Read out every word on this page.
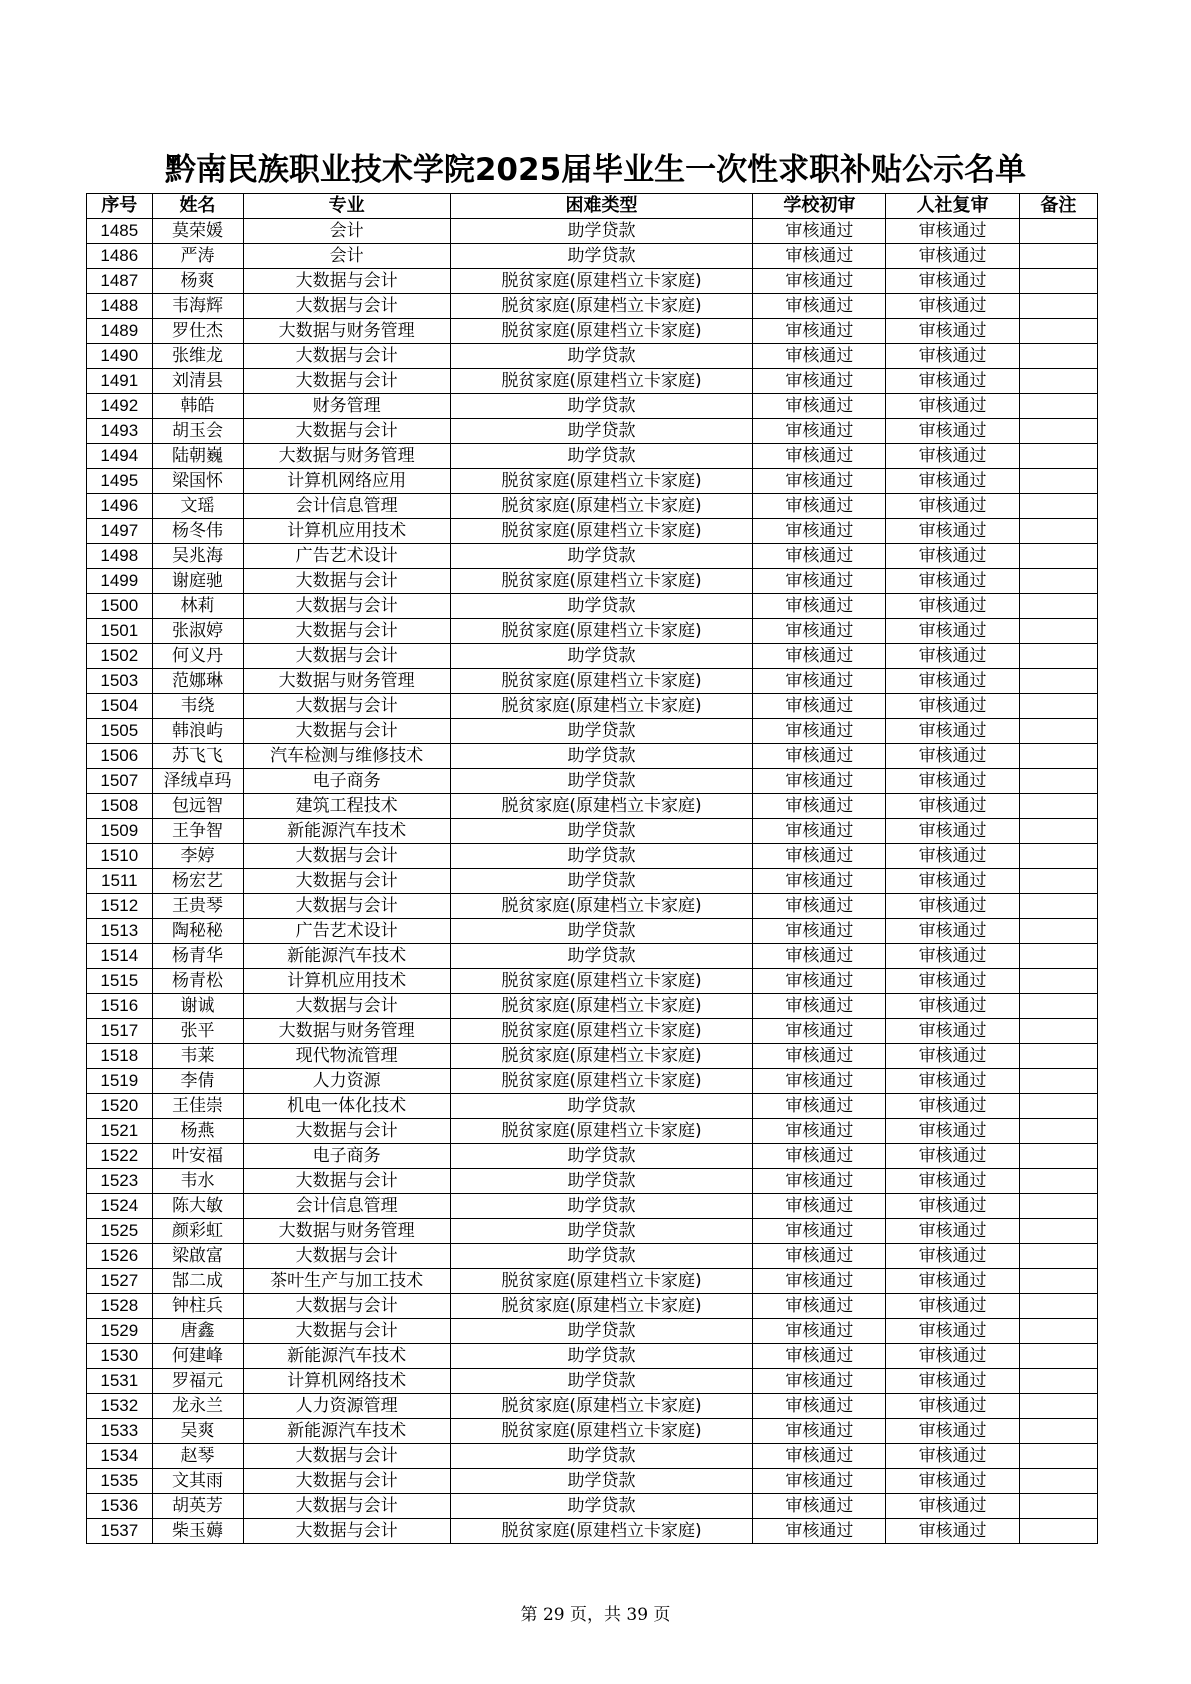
黔南民族职业技术学院2025届毕业生一次性求职补贴公示名单
序号	姓名	专业	困难类型	学校初审	人社复审	备注
1485	莫荣媛	会计	助学贷款	审核通过	审核通过	
1486	严涛	会计	助学贷款	审核通过	审核通过	
1487	杨爽	大数据与会计	脱贫家庭(原建档立卡家庭)	审核通过	审核通过	
1488	韦海辉	大数据与会计	脱贫家庭(原建档立卡家庭)	审核通过	审核通过	
1489	罗仕杰	大数据与财务管理	脱贫家庭(原建档立卡家庭)	审核通过	审核通过	
1490	张维龙	大数据与会计	助学贷款	审核通过	审核通过	
1491	刘清县	大数据与会计	脱贫家庭(原建档立卡家庭)	审核通过	审核通过	
1492	韩皓	财务管理	助学贷款	审核通过	审核通过	
1493	胡玉会	大数据与会计	助学贷款	审核通过	审核通过	
1494	陆朝巍	大数据与财务管理	助学贷款	审核通过	审核通过	
1495	梁国怀	计算机网络应用	脱贫家庭(原建档立卡家庭)	审核通过	审核通过	
1496	文瑶	会计信息管理	脱贫家庭(原建档立卡家庭)	审核通过	审核通过	
1497	杨冬伟	计算机应用技术	脱贫家庭(原建档立卡家庭)	审核通过	审核通过	
1498	吴兆海	广告艺术设计	助学贷款	审核通过	审核通过	
1499	谢庭驰	大数据与会计	脱贫家庭(原建档立卡家庭)	审核通过	审核通过	
1500	林莉	大数据与会计	助学贷款	审核通过	审核通过	
1501	张淑婷	大数据与会计	脱贫家庭(原建档立卡家庭)	审核通过	审核通过	
1502	何义丹	大数据与会计	助学贷款	审核通过	审核通过	
1503	范娜琳	大数据与财务管理	脱贫家庭(原建档立卡家庭)	审核通过	审核通过	
1504	韦绕	大数据与会计	脱贫家庭(原建档立卡家庭)	审核通过	审核通过	
1505	韩浪屿	大数据与会计	助学贷款	审核通过	审核通过	
1506	苏飞飞	汽车检测与维修技术	助学贷款	审核通过	审核通过	
1507	泽绒卓玛	电子商务	助学贷款	审核通过	审核通过	
1508	包远智	建筑工程技术	脱贫家庭(原建档立卡家庭)	审核通过	审核通过	
1509	王争智	新能源汽车技术	助学贷款	审核通过	审核通过	
1510	李婷	大数据与会计	助学贷款	审核通过	审核通过	
1511	杨宏艺	大数据与会计	助学贷款	审核通过	审核通过	
1512	王贵琴	大数据与会计	脱贫家庭(原建档立卡家庭)	审核通过	审核通过	
1513	陶秘秘	广告艺术设计	助学贷款	审核通过	审核通过	
1514	杨青华	新能源汽车技术	助学贷款	审核通过	审核通过	
1515	杨青松	计算机应用技术	脱贫家庭(原建档立卡家庭)	审核通过	审核通过	
1516	谢诚	大数据与会计	脱贫家庭(原建档立卡家庭)	审核通过	审核通过	
1517	张平	大数据与财务管理	脱贫家庭(原建档立卡家庭)	审核通过	审核通过	
1518	韦莱	现代物流管理	脱贫家庭(原建档立卡家庭)	审核通过	审核通过	
1519	李倩	人力资源	脱贫家庭(原建档立卡家庭)	审核通过	审核通过	
1520	王佳崇	机电一体化技术	助学贷款	审核通过	审核通过	
1521	杨燕	大数据与会计	脱贫家庭(原建档立卡家庭)	审核通过	审核通过	
1522	叶安福	电子商务	助学贷款	审核通过	审核通过	
1523	韦水	大数据与会计	助学贷款	审核通过	审核通过	
1524	陈大敏	会计信息管理	助学贷款	审核通过	审核通过	
1525	颜彩虹	大数据与财务管理	助学贷款	审核通过	审核通过	
1526	梁啟富	大数据与会计	助学贷款	审核通过	审核通过	
1527	郜二成	茶叶生产与加工技术	脱贫家庭(原建档立卡家庭)	审核通过	审核通过	
1528	钟柱兵	大数据与会计	脱贫家庭(原建档立卡家庭)	审核通过	审核通过	
1529	唐鑫	大数据与会计	助学贷款	审核通过	审核通过	
1530	何建峰	新能源汽车技术	助学贷款	审核通过	审核通过	
1531	罗福元	计算机网络技术	助学贷款	审核通过	审核通过	
1532	龙永兰	人力资源管理	脱贫家庭(原建档立卡家庭)	审核通过	审核通过	
1533	吴爽	新能源汽车技术	脱贫家庭(原建档立卡家庭)	审核通过	审核通过	
1534	赵琴	大数据与会计	助学贷款	审核通过	审核通过	
1535	文其雨	大数据与会计	助学贷款	审核通过	审核通过	
1536	胡英芳	大数据与会计	助学贷款	审核通过	审核通过	
1537	柴玉薅	大数据与会计	脱贫家庭(原建档立卡家庭)	审核通过	审核通过	
第 29 页，共 39 页
